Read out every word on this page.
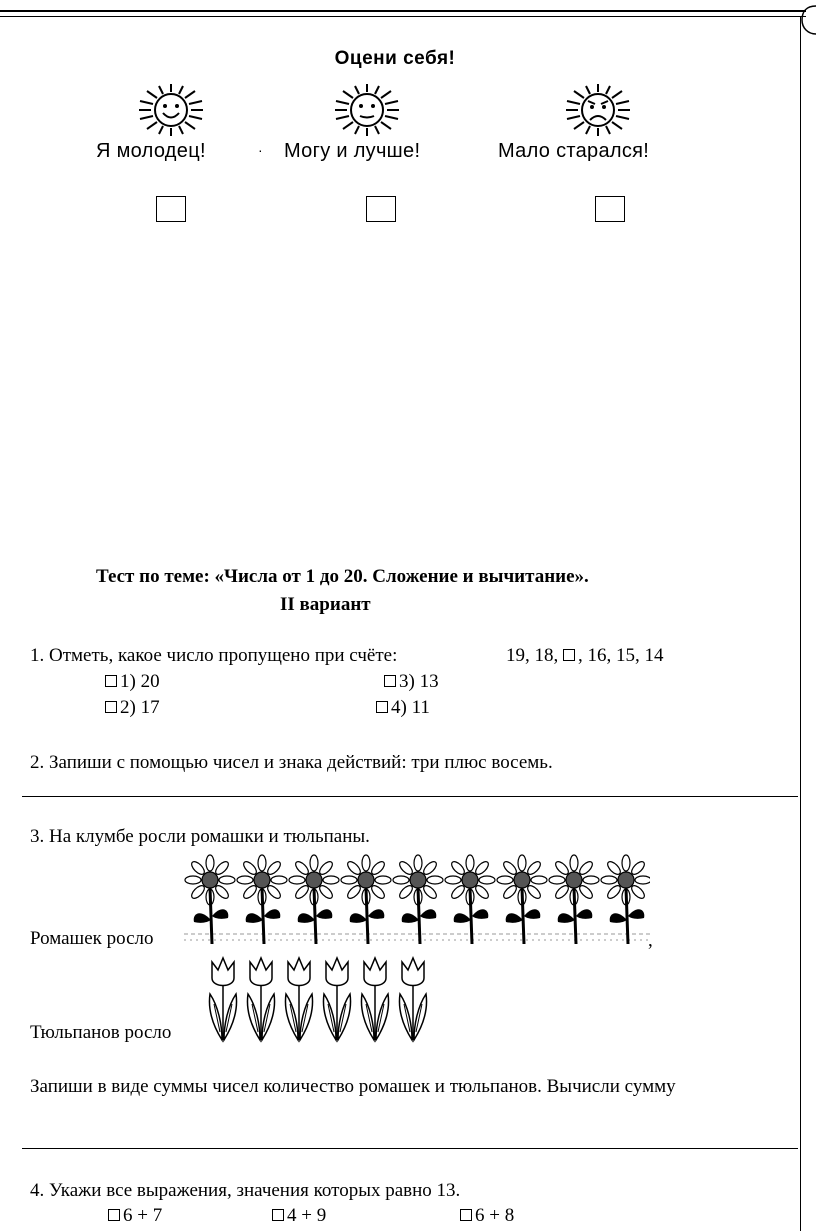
Оцени себя!
Я молодец!	· Могу и лучше!	Мало старался!
Тест по теме: «Числа от 1 до 20. Сложение и вычитание».
II вариант
1. Отметь, какое число пропущено при счёте:	19, 18, , 16, 15, 14
1) 20	3) 13
2) 17	4) 11
2. Запиши с помощью чисел и знака действий: три плюс восемь.
3. На клумбе росли ромашки и тюльпаны.
Ромашек росло	,
Тюльпанов росло
Запиши в виде суммы чисел количество ромашек и тюльпанов. Вычисли сумму
4. Укажи все выражения, значения которых равно 13.
6 + 7	4 + 9	6 + 8
